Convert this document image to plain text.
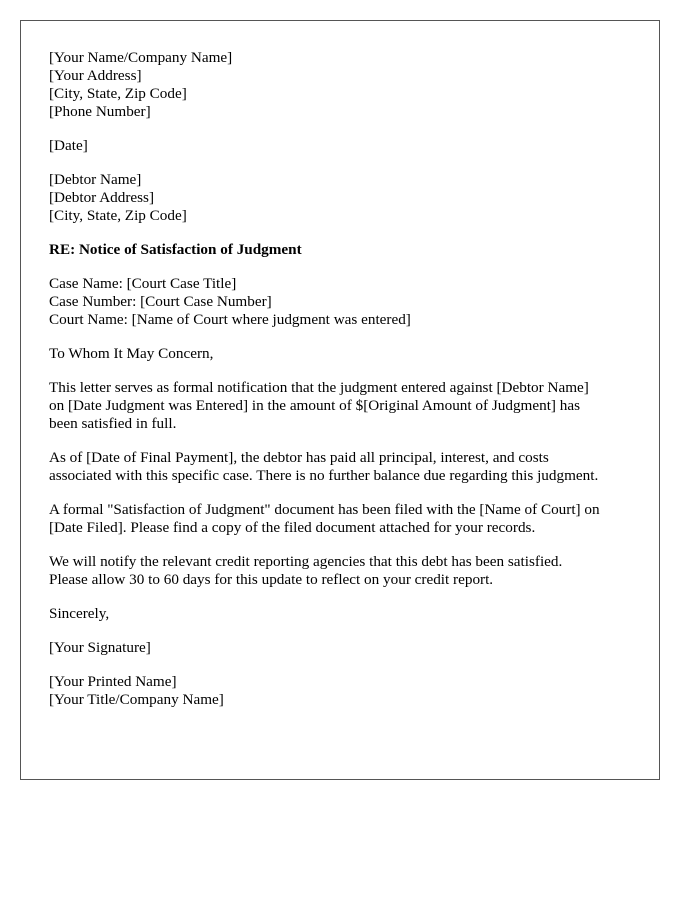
[Your Name/Company Name]
[Your Address]
[City, State, Zip Code]
[Phone Number]
[Date]
[Debtor Name]
[Debtor Address]
[City, State, Zip Code]
RE: Notice of Satisfaction of Judgment
Case Name: [Court Case Title]
Case Number: [Court Case Number]
Court Name: [Name of Court where judgment was entered]
To Whom It May Concern,
This letter serves as formal notification that the judgment entered against [Debtor Name]
on [Date Judgment was Entered] in the amount of $[Original Amount of Judgment] has
been satisfied in full.
As of [Date of Final Payment], the debtor has paid all principal, interest, and costs
associated with this specific case. There is no further balance due regarding this judgment.
A formal "Satisfaction of Judgment" document has been filed with the [Name of Court] on
[Date Filed]. Please find a copy of the filed document attached for your records.
We will notify the relevant credit reporting agencies that this debt has been satisfied.
Please allow 30 to 60 days for this update to reflect on your credit report.
Sincerely,
[Your Signature]
[Your Printed Name]
[Your Title/Company Name]
